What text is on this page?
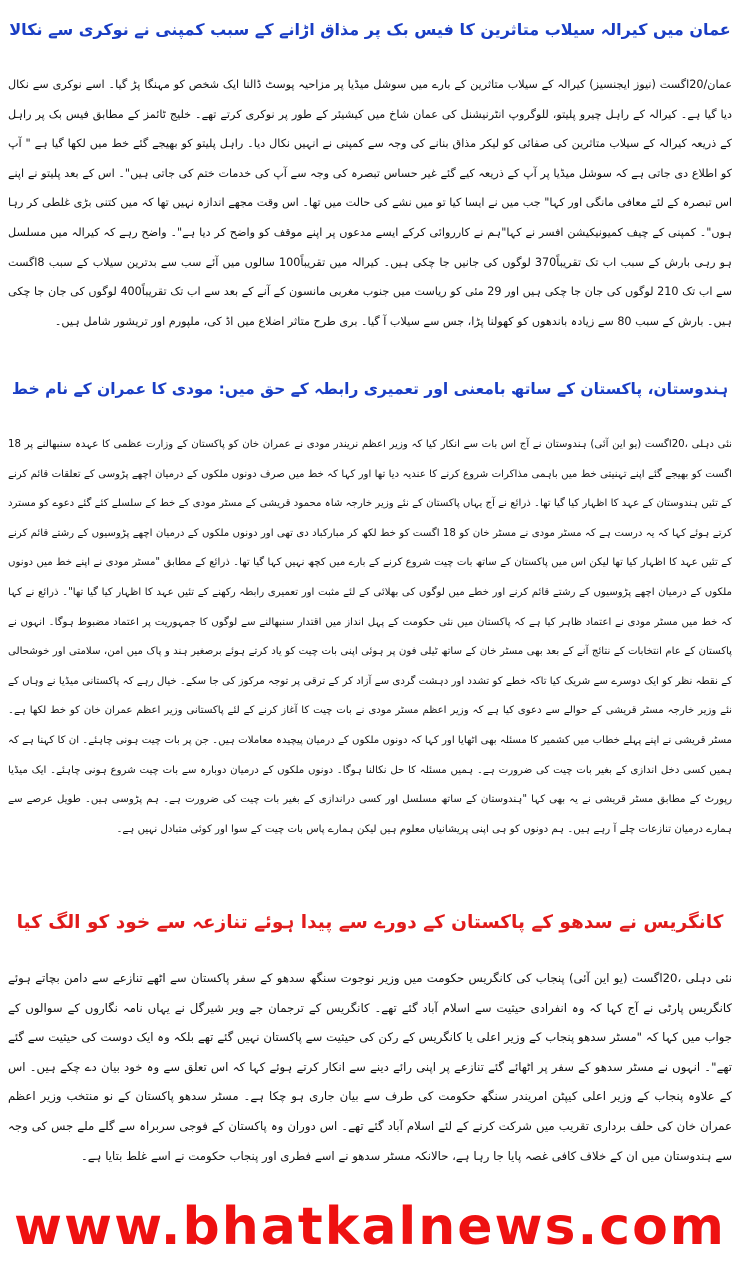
عمان میں کیرالہ سیلاب متاثرین کا فیس بک پر مذاق اڑانے کے سبب کمپنی نے نوکری سے نکالا

عمان/20اگست (نیوز ایجنسیز) کیرالہ کے سیلاب متاثرین کے بارے میں سوشل میڈیا پر مزاحیہ پوسٹ ڈالنا ایک شخص کو مہنگا پڑ گیا۔ اسے نوکری سے نکال دیا گیا ہے۔ کیرالہ کے راہل چیرو پلیتو، للوگروپ انٹرنیشنل کی عمان شاخ میں کیشیئر کے طور پر نوکری کرتے تھے۔ خلیج ٹائمز کے مطابق فیس بک پر راہل کے ذریعہ کیرالہ کے سیلاب متاثرین کی صفائی کو لیکر مذاق بنانے کی وجہ سے کمپنی نے انہیں نکال دیا۔ راہل پلیتو کو بھیجے گئے خط میں لکھا گیا ہے " آپ کو اطلاع دی جاتی ہے کہ سوشل میڈیا پر آپ کے ذریعہ کیے گئے غیر حساس تبصرہ کی وجہ سے آپ کی خدمات ختم کی جاتی ہیں"۔ اس کے بعد پلیتو نے اپنے اس تبصرہ کے لئے معافی مانگی اور کہا" جب میں نے ایسا کیا تو میں نشے کی حالت میں تھا۔ اس وقت مجھے اندازہ نہیں تھا کہ میں کتنی بڑی غلطی کر رہا ہوں"۔ کمپنی کے چیف کمیونیکیشن افسر نے کہا"ہم نے کارروائی کرکے ایسے مدعوں پر اپنے موقف کو واضح کر دیا ہے"۔ واضح رہے کہ کیرالہ میں مسلسل ہو رہی بارش کے سبب اب تک تقریباً370 لوگوں کی جانیں جا چکی ہیں۔ کیرالہ میں تقریباً100 سالوں میں آئے سب سے بدترین سیلاب کے سبب 8اگست سے اب تک 210 لوگوں کی جان جا چکی ہیں اور 29 مئی کو ریاست میں جنوب مغربی مانسون کے آنے کے بعد سے اب تک تقریباً400 لوگوں کی جان جا چکی ہیں۔ بارش کے سبب 80 سے زیادہ باندھوں کو کھولنا پڑا، جس سے سیلاب آ گیا۔ بری طرح متاثر اضلاع میں اڈ کی، ملپورم اور تریشور شامل ہیں۔

ہندوستان، پاکستان کے ساتھ بامعنی اور تعمیری رابطہ کے حق میں: مودی کا عمران کے نام خط

نئی دہلی ،20اگست (یو این آئی) ہندوستان نے آج اس بات سے انکار کیا کہ وزیر اعظم نریندر مودی نے عمران خان کو پاکستان کے وزارت عظمی کا عہدہ سنبھالنے پر 18 اگست کو بھیجے گئے اپنے تہنیتی خط میں باہمی مذاکرات شروع کرنے کا عندیہ دیا تھا اور کہا کہ خط میں صرف دونوں ملکوں کے درمیان اچھے پڑوسی کے تعلقات قائم کرنے کے تئیں ہندوستان کے عہد کا اظہار کیا گیا تھا۔ ذرائع نے آج یہاں پاکستان کے نئے وزیر خارجہ شاہ محمود قریشی کے مسٹر مودی کے خط کے سلسلے کئے گئے دعوے کو مسترد کرتے ہوئے کہا کہ یہ درست ہے کہ مسٹر مودی نے مسٹر خان کو 18 اگست کو خط لکھ کر مبارکباد دی تھی اور دونوں ملکوں کے درمیان اچھے پڑوسیوں کے رشتے قائم کرنے کے تئیں عہد کا اظہار کیا تھا لیکن اس میں پاکستان کے ساتھ بات چیت شروع کرنے کے بارے میں کچھ نہیں کہا گیا تھا۔ ذرائع کے مطابق "مسٹر مودی نے اپنے خط میں دونوں ملکوں کے درمیان اچھے پڑوسیوں کے رشتے قائم کرنے اور خطے میں لوگوں کی بھلائی کے لئے مثبت اور تعمیری رابطہ رکھنے کے تئیں عہد کا اظہار کیا گیا تھا"۔ ذرائع نے کہا کہ خط میں مسٹر مودی نے اعتماد ظاہر کیا ہے کہ پاکستان میں نئی حکومت کے پہل انداز میں اقتدار سنبھالنے سے لوگوں کا جمہوریت پر اعتماد مضبوط ہوگا۔ انہوں نے پاکستان کے عام انتخابات کے نتائج آنے کے بعد بھی مسٹر خان کے ساتھ ٹیلی فون پر ہوئی اپنی بات چیت کو یاد کرتے ہوئے برصغیر ہند و پاک میں امن، سلامتی اور خوشحالی کے نقطہ نظر کو ایک دوسرے سے شریک کیا تاکہ خطے کو تشدد اور دہشت گردی سے آزاد کر کے ترقی پر توجہ مرکوز کی جا سکے۔ خیال رہے کہ پاکستانی میڈیا نے وہاں کے نئے وزیر خارجہ مسٹر قریشی کے حوالے سے دعوی کیا ہے کہ وزیر اعظم مسٹر مودی نے بات چیت کا آغاز کرنے کے لئے پاکستانی وزیر اعظم عمران خان کو خط لکھا ہے۔ مسٹر قریشی نے اپنے پہلے خطاب میں کشمیر کا مسئلہ بھی اٹھایا اور کہا کہ دونوں ملکوں کے درمیان پیچیدہ معاملات ہیں۔ جن پر بات چیت ہونی چاہئے۔ ان کا کہنا ہے کہ ہمیں کسی دخل اندازی کے بغیر بات چیت کی ضرورت ہے۔ ہمیں مسئلہ کا حل نکالنا ہوگا۔ دونوں ملکوں کے درمیان دوبارہ سے بات چیت شروع ہونی چاہئے۔ ایک میڈیا رپورٹ کے مطابق مسٹر قریشی نے یہ بھی کہا "ہندوستان کے ساتھ مسلسل اور کسی دراندازی کے بغیر بات چیت کی ضرورت ہے۔ ہم پڑوسی ہیں۔ طویل عرصے سے ہمارے درمیان تنازعات چلے آ رہے ہیں۔ ہم دونوں کو ہی اپنی پریشانیاں معلوم ہیں لیکن ہمارے پاس بات چیت کے سوا اور کوئی متبادل نہیں ہے۔

کانگریس نے سدھو کے پاکستان کے دورے سے پیدا ہوئے تنازعہ سے خود کو الگ کیا

نئی دہلی ،20اگست (یو این آئی) پنجاب کی کانگریس حکومت میں وزیر نوجوت سنگھ سدھو کے سفر پاکستان سے اٹھے تنازعے سے دامن بچاتے ہوئے کانگریس پارٹی نے آج کہا کہ وہ انفرادی حیثیت سے اسلام آباد گئے تھے۔ کانگریس کے ترجمان جے ویر شیرگل نے یہاں نامہ نگاروں کے سوالوں کے جواب میں کہا کہ "مسٹر سدھو پنجاب کے وزیر اعلی یا کانگریس کے رکن کی حیثیت سے پاکستان نہیں گئے تھے بلکہ وہ ایک دوست کی حیثیت سے گئے تھے"۔ انہوں نے مسٹر سدھو کے سفر پر اٹھائے گئے تنازعے پر اپنی رائے دینے سے انکار کرتے ہوئے کہا کہ اس تعلق سے وہ خود بیان دے چکے ہیں۔ اس کے علاوہ پنجاب کے وزیر اعلی کیپٹن امریندر سنگھ حکومت کی طرف سے بیان جاری ہو چکا ہے۔ مسٹر سدھو پاکستان کے نو منتخب وزیر اعظم عمران خان کی حلف برداری تقریب میں شرکت کرنے کے لئے اسلام آباد گئے تھے۔ اس دوران وہ پاکستان کے فوجی سربراہ سے گلے ملے جس کی وجہ سے ہندوستان میں ان کے خلاف کافی غصہ پایا جا رہا ہے، حالانکہ مسٹر سدھو نے اسے فطری اور پنجاب حکومت نے اسے غلط بتایا ہے۔

www.bhatkalnews.com
